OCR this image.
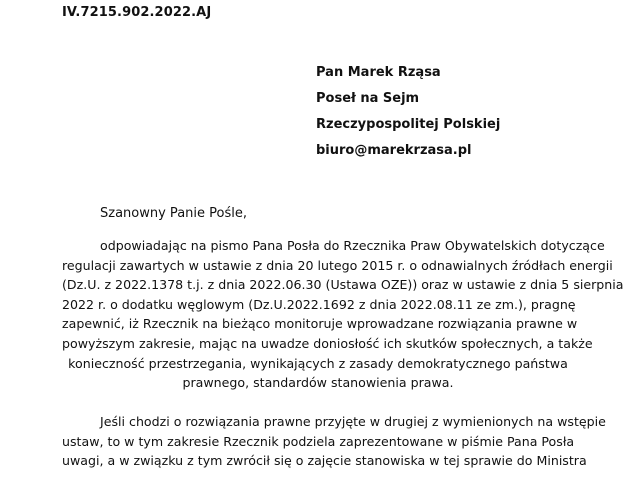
IV.7215.902.2022.AJ
Pan Marek Rząsa
Poseł na Sejm
Rzeczypospolitej Polskiej
biuro@marekrzasa.pl
Szanowny Panie Pośle,
odpowiadając na pismo Pana Posła do Rzecznika Praw Obywatelskich dotyczące
regulacji zawartych w ustawie z dnia 20 lutego 2015 r. o odnawialnych źródłach energii
(Dz.U. z 2022.1378 t.j. z dnia 2022.06.30 (Ustawa OZE)) oraz w ustawie z dnia 5 sierpnia
2022 r. o dodatku węglowym (Dz.U.2022.1692 z dnia 2022.08.11 ze zm.), pragnę
zapewnić, iż Rzecznik na bieżąco monitoruje wprowadzane rozwiązania prawne w
powyższym zakresie, mając na uwadze doniosłość ich skutków społecznych, a także
konieczność przestrzegania, wynikających z zasady demokratycznego państwa
prawnego, standardów stanowienia prawa.
Jeśli chodzi o rozwiązania prawne przyjęte w drugiej z wymienionych na wstępie
ustaw, to w tym zakresie Rzecznik podziela zaprezentowane w piśmie Pana Posła
uwagi, a w związku z tym zwrócił się o zajęcie stanowiska w tej sprawie do Ministra
